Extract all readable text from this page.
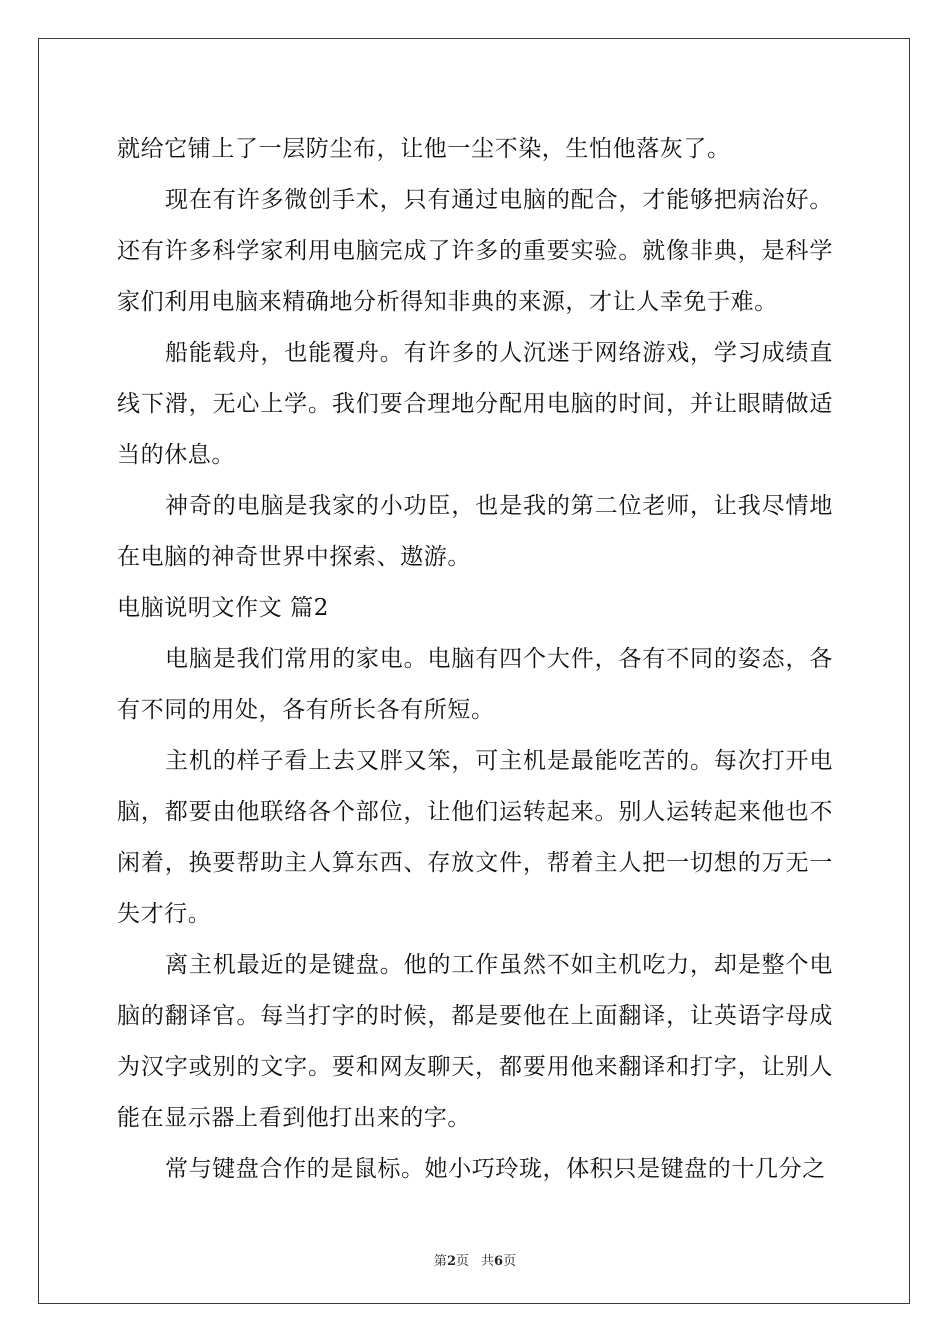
就给它铺上了一层防尘布，让他一尘不染，生怕他落灰了。

现在有许多微创手术，只有通过电脑的配合，才能够把病治好。还有许多科学家利用电脑完成了许多的重要实验。就像非典，是科学家们利用电脑来精确地分析得知非典的来源，才让人幸免于难。

船能载舟，也能覆舟。有许多的人沉迷于网络游戏，学习成绩直线下滑，无心上学。我们要合理地分配用电脑的时间，并让眼睛做适当的休息。

神奇的电脑是我家的小功臣，也是我的第二位老师，让我尽情地在电脑的神奇世界中探索、遨游。

电脑说明文作文 篇2

电脑是我们常用的家电。电脑有四个大件，各有不同的姿态，各有不同的用处，各有所长各有所短。

主机的样子看上去又胖又笨，可主机是最能吃苦的。每次打开电脑，都要由他联络各个部位，让他们运转起来。别人运转起来他也不闲着，换要帮助主人算东西、存放文件，帮着主人把一切想的万无一失才行。

离主机最近的是键盘。他的工作虽然不如主机吃力，却是整个电脑的翻译官。每当打字的时候，都是要他在上面翻译，让英语字母成为汉字或别的文字。要和网友聊天，都要用他来翻译和打字，让别人能在显示器上看到他打出来的字。

常与键盘合作的是鼠标。她小巧玲珑，体积只是键盘的十几分之

第2页 共6页
